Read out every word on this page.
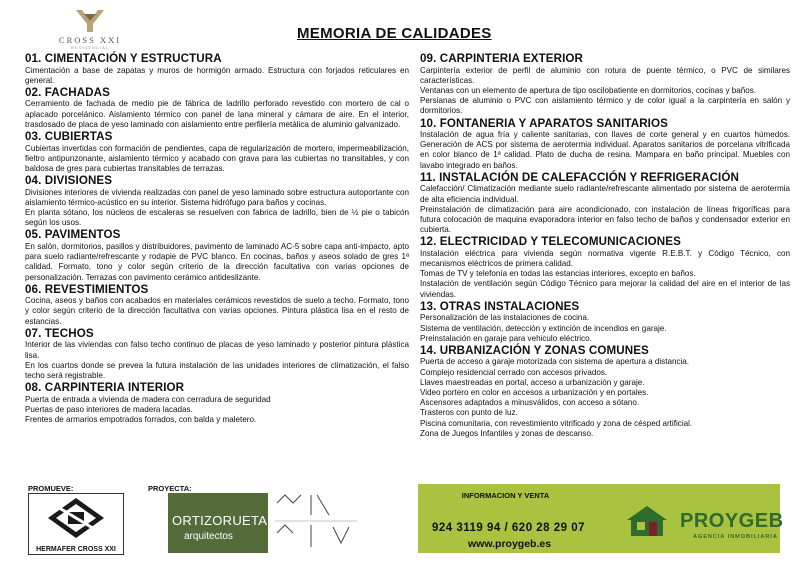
CROSS XXI
RESIDENCIAL
MEMORIA DE CALIDADES
01. CIMENTACIÓN Y ESTRUCTURA

Cimentación a base de zapatas y muros de hormigón armado. Estructura con forjados reticulares en general.

02. FACHADAS

Cerramiento de fachada de medio pie de fábrica de ladrillo perforado revestido con mortero de cal o aplacado porcelánico. Aislamiento térmico con panel de lana mineral y cámara de aire. En el interior, trasdosado de placa de yeso laminado con aislamiento entre perfilería metálica de aluminio galvanizado.

03. CUBIERTAS

Cubiertas invertidas con formación de pendientes, capa de regularización de mortero, impermeabilización, fieltro antipunzonante, aislamiento térmico y acabado con grava para las cubiertas no transitables, y con baldosa de gres para cubiertas transitables de terrazas.

04. DIVISIONES

Divisiones interiores de vivienda realizadas con panel de yeso laminado sobre estructura autoportante con aislamiento térmico-acústico en su interior. Sistema hidrófugo para baños y cocinas.

En planta sótano, los núcleos de escaleras se resuelven con fabrica de ladrillo, bien de ½ pie o tabicón según los usos.

05. PAVIMENTOS

En salón, dormitorios, pasillos y distribuidores, pavimento de laminado AC-5 sobre capa anti-impacto, apto para suelo radiante/refrescante y rodapie de PVC blanco. En cocinas, baños y aseos solado de gres 1ª calidad. Formato, tono y color según criterio de la dirección facultativa con varias opciones de personalización. Terrazas con pavimento cerámico antideslizante.

06. REVESTIMIENTOS

Cocina, aseos y baños con acabados en materiales cerámicos revestidos de suelo a techo. Formato, tono y color según criterio de la dirección facultativa con varias opciones. Pintura plástica lisa en el resto de estancias.

07. TECHOS

Interior de las viviendas con falso techo continuo de placas de yeso laminado y posterior pintura plástica lisa.

En los cuartos donde se prevea la futura instalación de las unidades interiores de climatización, el falso techo será registrable.

08. CARPINTERIA INTERIOR

Puerta de entrada a vivienda de madera con cerradura de seguridad

Puertas de paso interiores de madera lacadas.

Frentes de armarios empotrados forrados, con balda y maletero.

09. CARPINTERIA EXTERIOR

Carpintería exterior de perfil de aluminio con rotura de puente térmico, o PVC de similares características.

Ventanas con un elemento de apertura de tipo oscilobatiente en dormitorios, cocinas y baños.

Persianas de aluminio o PVC con aislamiento térmico y de color igual a la carpintería en salón y dormitorios.

10. FONTANERIA Y APARATOS SANITARIOS

Instalación de agua fría y caliente sanitarias, con llaves de corte general y en cuartos húmedos. Generación de ACS por sistema de aerotermia individual. Aparatos sanitarios de porcelana vitrificada en color blanco de 1ª calidad. Plato de ducha de resina. Mampara en baño principal. Muebles con lavabo integrado en baños.

11. INSTALACIÓN DE CALEFACCIÓN Y REFRIGERACIÓN

Calefacción/ Climatización mediante suelo radiante/refrescante alimentado por sistema de aerotermia de alta eficiencia individual.

Preinstalación de climatización para aire acondicionado, con instalación de líneas frigoríficas para futura colocación de maquina evaporadora interior en falso techo de baños y condensador exterior en cubierta.

12. ELECTRICIDAD Y TELECOMUNICACIONES

Instalación eléctrica para vivienda según normativa vigente R.E.B.T. y Código Técnico, con mecanismos eléctricos de primera calidad.

Tomas de TV y telefonía en todas las estancias interiores, excepto en baños.

Instalación de ventilación según Código Técnico para mejorar la calidad del aire en el interior de las viviendas.

13. OTRAS INSTALACIONES

Personalización de las instalaciones de cocina.

Sistema de ventilación, detección y extinción de incendios en garaje.

Preinstalación en garaje para vehiculo eléctrico.

14. URBANIZACIÓN Y ZONAS COMUNES

Puerta de acceso a garaje motorizada con sistema de apertura a distancia.

Complejo residencial cerrado con accesos privados.

Llaves maestreadas en portal, acceso a urbanización y garaje.

Video portero en color en accesos a urbanización y en portales.

Ascensores adaptados a minusválidos, con acceso a sótano.

Trasteros con punto de luz.

Piscina comunitaria, con revestimiento vitrificado y zona de césped artificial.

Zona de Juegos Infantiles y zonas de descanso.

PROMUEVE:
HERMAFER CROSS XXI
PROYECTA:
ORTIZORUETA
arquitectos
INFORMACION Y VENTA
924 3119 94 / 620 28 29 07
www.proygeb.es
PROYGEB
AGENCIA INMOBILIARIA
